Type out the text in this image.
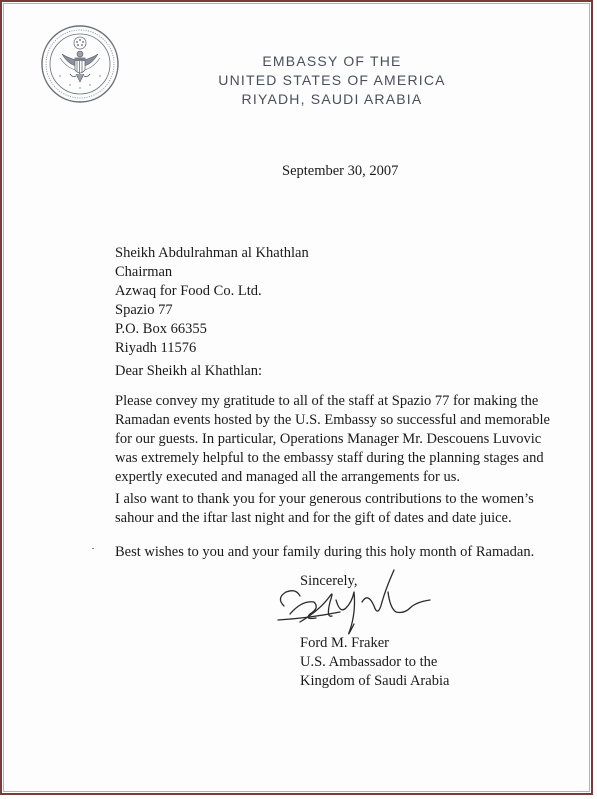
EMBASSY OF THE
UNITED STATES OF AMERICA
RIYADH, SAUDI ARABIA
September 30, 2007
Sheikh Abdulrahman al Khathlan
Chairman
Azwaq for Food Co. Ltd.
Spazio 77
P.O. Box 66355
Riyadh 11576
Dear Sheikh al Khathlan:
Please convey my gratitude to all of the staff at Spazio 77 for making the Ramadan events hosted by the U.S. Embassy so successful and memorable for our guests. In particular, Operations Manager Mr. Descouens Luvovic was extremely helpful to the embassy staff during the planning stages and expertly executed and managed all the arrangements for us.
I also want to thank you for your generous contributions to the women’s sahour and the iftar last night and for the gift of dates and date juice.
Best wishes to you and your family during this holy month of Ramadan.
Sincerely,
Ford M. Fraker
U.S. Ambassador to the
Kingdom of Saudi Arabia
